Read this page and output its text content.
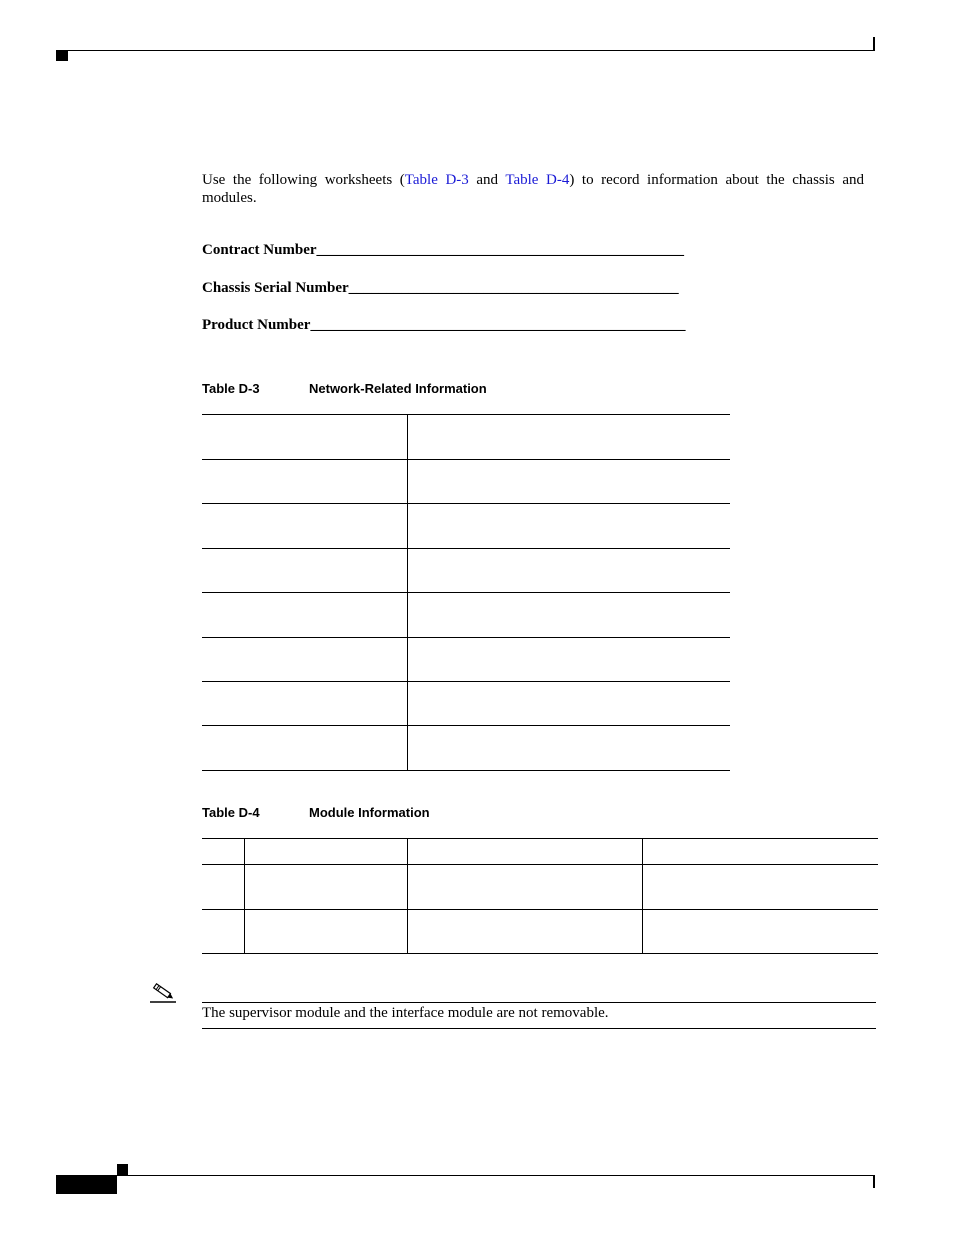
Use the following worksheets (Table D-3 and Table D-4) to record information about the chassis and modules.
Contract Number_________________________________________________
Chassis Serial Number____________________________________________
Product Number__________________________________________________
Table D-3	Network-Related Information
Table D-4	Module Information
The supervisor module and the interface module are not removable.
